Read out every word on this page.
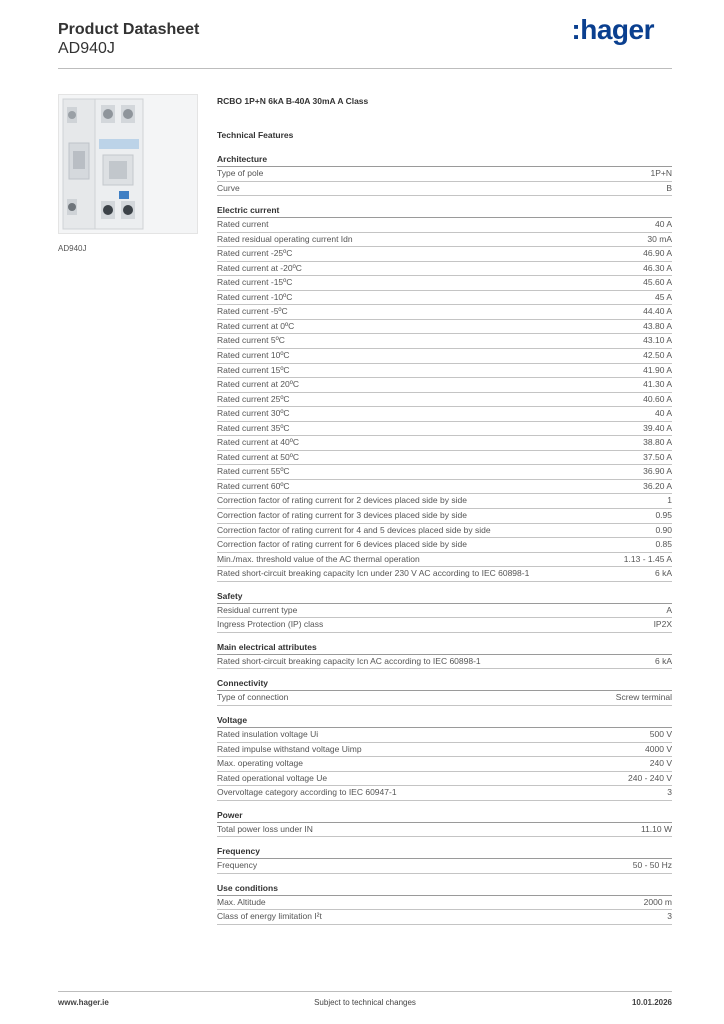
Product Datasheet
AD940J
:hager
AD940J
RCBO 1P+N 6kA B-40A 30mA A Class
Technical Features
Architecture
Type of pole	1P+N
Curve	B
Electric current
Rated current	40 A
Rated residual operating current Idn	30 mA
Rated current -25ºC	46.90 A
Rated current at -20ºC	46.30 A
Rated current -15ºC	45.60 A
Rated current -10ºC	45 A
Rated current -5ºC	44.40 A
Rated current at 0ºC	43.80 A
Rated current 5ºC	43.10 A
Rated current 10ºC	42.50 A
Rated current 15ºC	41.90 A
Rated current at 20ºC	41.30 A
Rated current 25ºC	40.60 A
Rated current 30ºC	40 A
Rated current 35ºC	39.40 A
Rated current at 40ºC	38.80 A
Rated current at 50ºC	37.50 A
Rated current 55ºC	36.90 A
Rated current 60ºC	36.20 A
Correction factor of rating current for 2 devices placed side by side	1
Correction factor of rating current for 3 devices placed side by side	0.95
Correction factor of rating current for 4 and 5 devices placed side by side	0.90
Correction factor of rating current for 6 devices placed side by side	0.85
Min./max. threshold value of the AC thermal operation	1.13 - 1.45 A
Rated short-circuit breaking capacity Icn under 230 V AC according to IEC 60898-1	6 kA
Safety
Residual current type	A
Ingress Protection (IP) class	IP2X
Main electrical attributes
Rated short-circuit breaking capacity Icn AC according to IEC 60898-1	6 kA
Connectivity
Type of connection	Screw terminal
Voltage
Rated insulation voltage Ui	500 V
Rated impulse withstand voltage Uimp	4000 V
Max. operating voltage	240 V
Rated operational voltage Ue	240 - 240 V
Overvoltage category according to IEC 60947-1	3
Power
Total power loss under IN	11.10 W
Frequency
Frequency	50 - 50 Hz
Use conditions
Max. Altitude	2000 m
Class of energy limitation I²t	3
www.hager.ie	Subject to technical changes	10.01.2026
